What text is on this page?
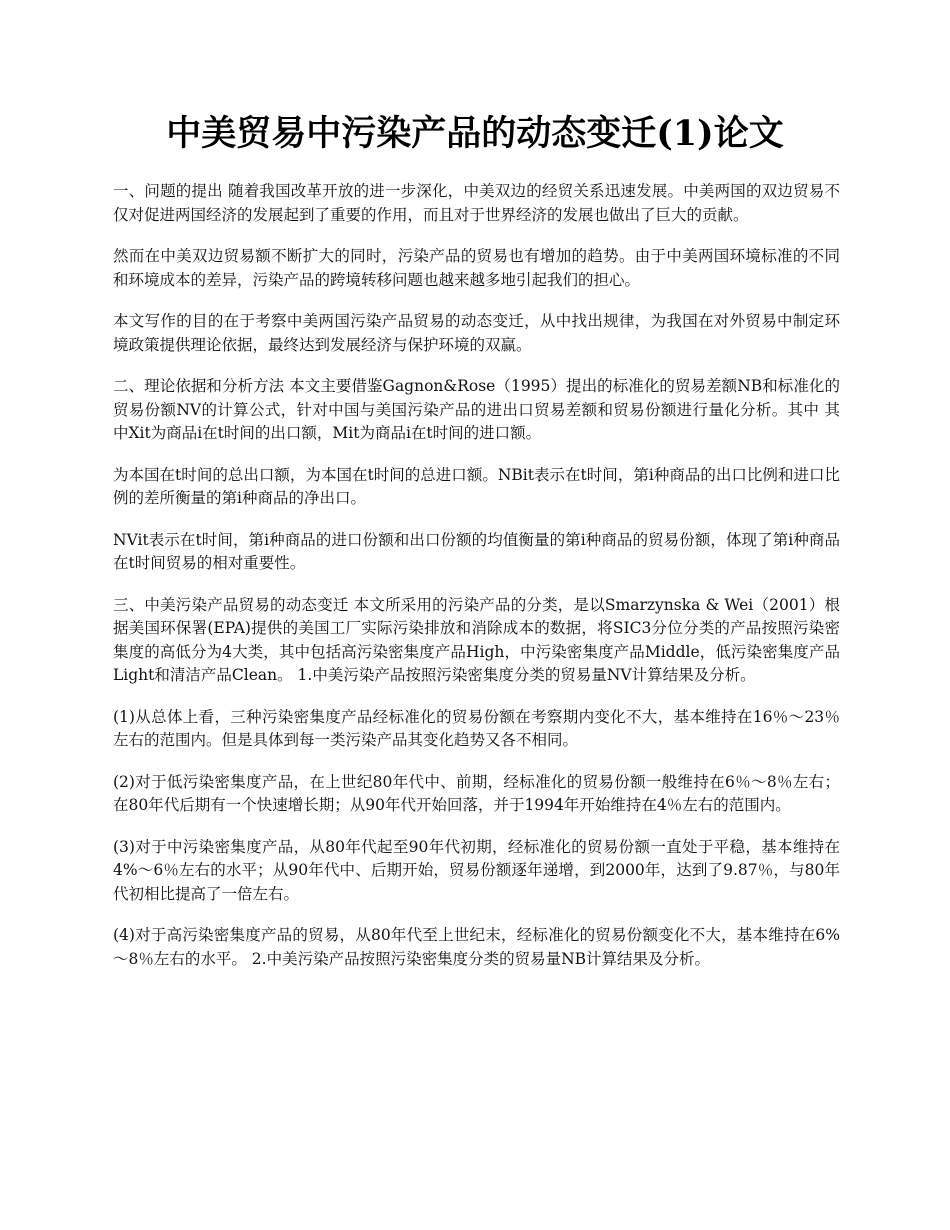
中美贸易中污染产品的动态变迁(1)论文

一、问题的提出 随着我国改革开放的进一步深化，中美双边的经贸关系迅速发展。中美两国的双边贸易不仅对促进两国经济的发展起到了重要的作用，而且对于世界经济的发展也做出了巨大的贡献。

然而在中美双边贸易额不断扩大的同时，污染产品的贸易也有增加的趋势。由于中美两国环境标准的不同和环境成本的差异，污染产品的跨境转移问题也越来越多地引起我们的担心。

本文写作的目的在于考察中美两国污染产品贸易的动态变迁，从中找出规律，为我国在对外贸易中制定环境政策提供理论依据，最终达到发展经济与保护环境的双赢。

二、理论依据和分析方法 本文主要借鉴Gagnon&Rose（1995）提出的标准化的贸易差额NB和标准化的贸易份额NV的计算公式，针对中国与美国污染产品的进出口贸易差额和贸易份额进行量化分析。其中 其中Xit为商品i在t时间的出口额，Mit为商品i在t时间的进口额。

为本国在t时间的总出口额，为本国在t时间的总进口额。NBit表示在t时间，第i种商品的出口比例和进口比例的差所衡量的第i种商品的净出口。

NVit表示在t时间，第i种商品的进口份额和出口份额的均值衡量的第i种商品的贸易份额，体现了第i种商品在t时间贸易的相对重要性。

三、中美污染产品贸易的动态变迁 本文所采用的污染产品的分类，是以Smarzynska & Wei（2001）根据美国环保署(EPA)提供的美国工厂实际污染排放和消除成本的数据，将SIC3分位分类的产品按照污染密集度的高低分为4大类，其中包括高污染密集度产品High，中污染密集度产品Middle，低污染密集度产品Light和清洁产品Clean。 1.中美污染产品按照污染密集度分类的贸易量NV计算结果及分析。

(1)从总体上看，三种污染密集度产品经标准化的贸易份额在考察期内变化不大，基本维持在16％～23％左右的范围内。但是具体到每一类污染产品其变化趋势又各不相同。

(2)对于低污染密集度产品，在上世纪80年代中、前期，经标准化的贸易份额一般维持在6％～8％左右；在80年代后期有一个快速增长期；从90年代开始回落，并于1994年开始维持在4％左右的范围内。

(3)对于中污染密集度产品，从80年代起至90年代初期，经标准化的贸易份额一直处于平稳，基本维持在4%～6％左右的水平；从90年代中、后期开始，贸易份额逐年递增，到2000年，达到了9.87％，与80年代初相比提高了一倍左右。

(4)对于高污染密集度产品的贸易，从80年代至上世纪末，经标准化的贸易份额变化不大，基本维持在6%～8％左右的水平。 2.中美污染产品按照污染密集度分类的贸易量NB计算结果及分析。
